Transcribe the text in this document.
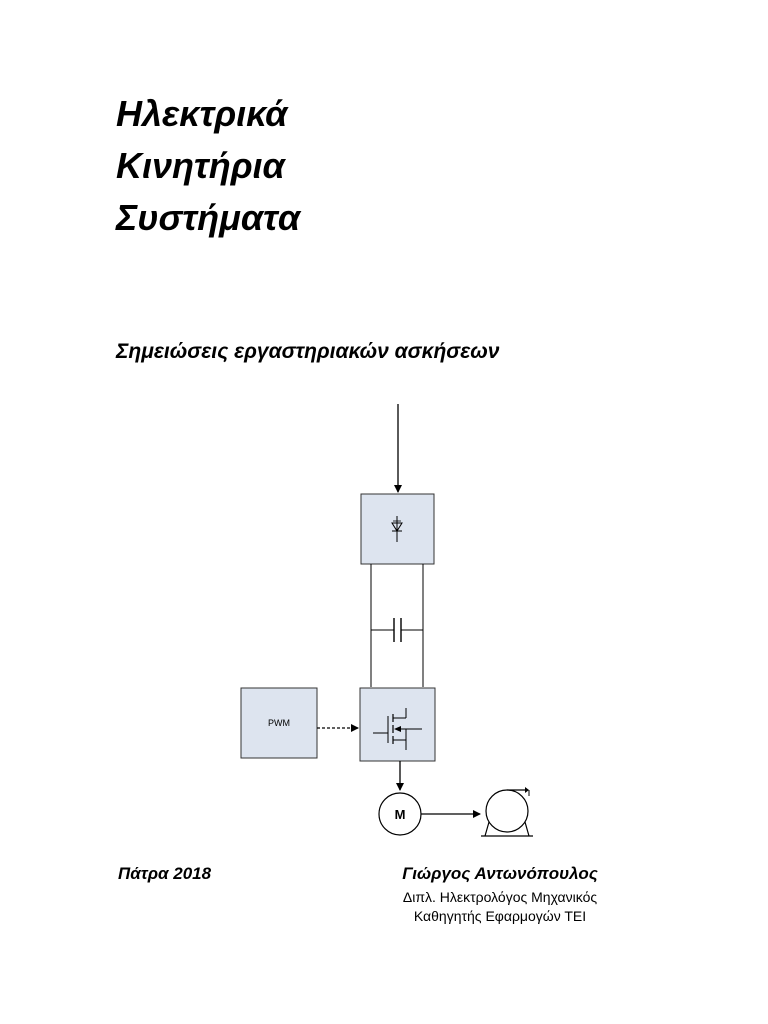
Ηλεκτρικά
Κινητήρια
Συστήματα
Σημειώσεις εργαστηριακών ασκήσεων
PWM
M
Πάτρα 2018	Γιώργος Αντωνόπουλος
Διπλ. Ηλεκτρολόγος Μηχανικός
Καθηγητής Εφαρμογών ΤΕΙ
